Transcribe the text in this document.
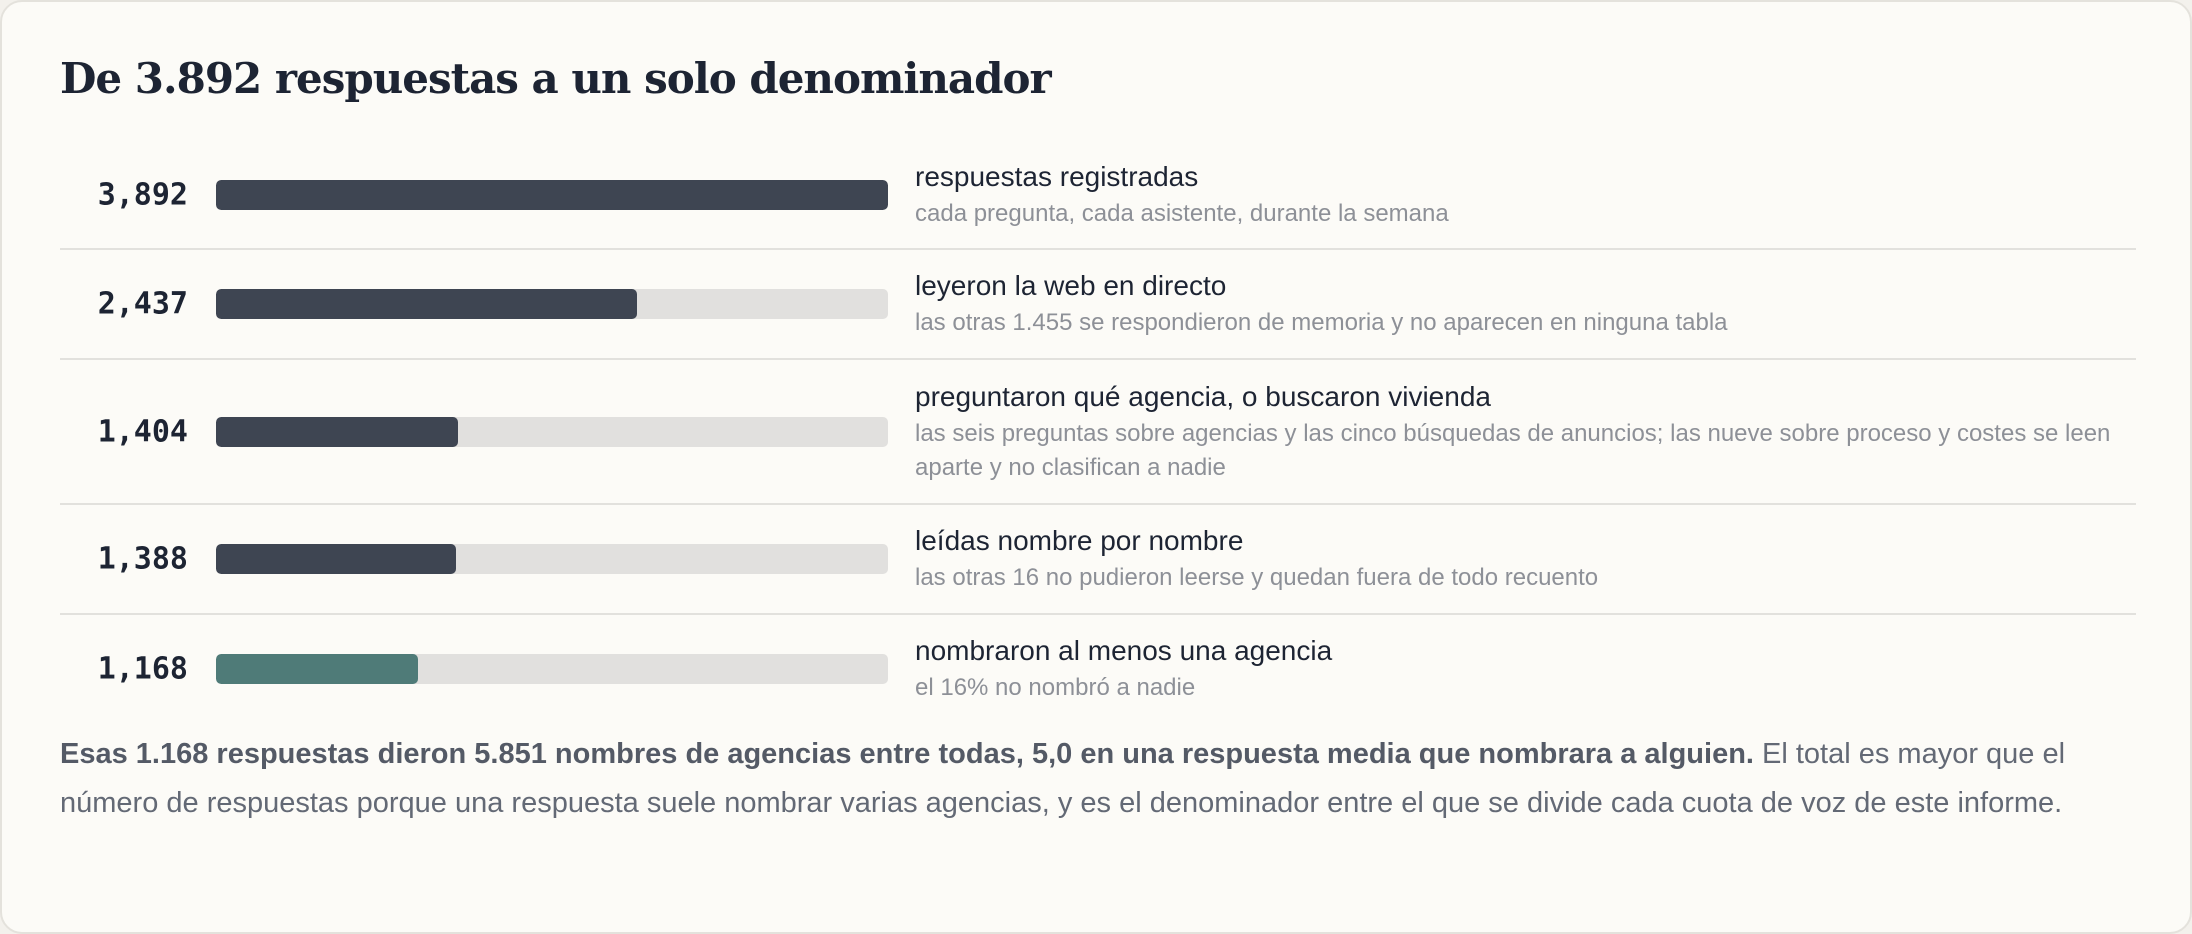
De 3.892 respuestas a un solo denominador
3,892
respuestas registradas
cada pregunta, cada asistente, durante la semana
2,437
leyeron la web en directo
las otras 1.455 se respondieron de memoria y no aparecen en ninguna tabla
1,404
preguntaron qué agencia, o buscaron vivienda
las seis preguntas sobre agencias y las cinco búsquedas de anuncios; las nueve sobre proceso y costes se leen aparte y no clasifican a nadie
1,388
leídas nombre por nombre
las otras 16 no pudieron leerse y quedan fuera de todo recuento
1,168
nombraron al menos una agencia
el 16% no nombró a nadie

Esas 1.168 respuestas dieron 5.851 nombres de agencias entre todas, 5,0 en una respuesta media que nombrara a alguien. El total es mayor que el número de respuestas porque una respuesta suele nombrar varias agencias, y es el denominador entre el que se divide cada cuota de voz de este informe.
